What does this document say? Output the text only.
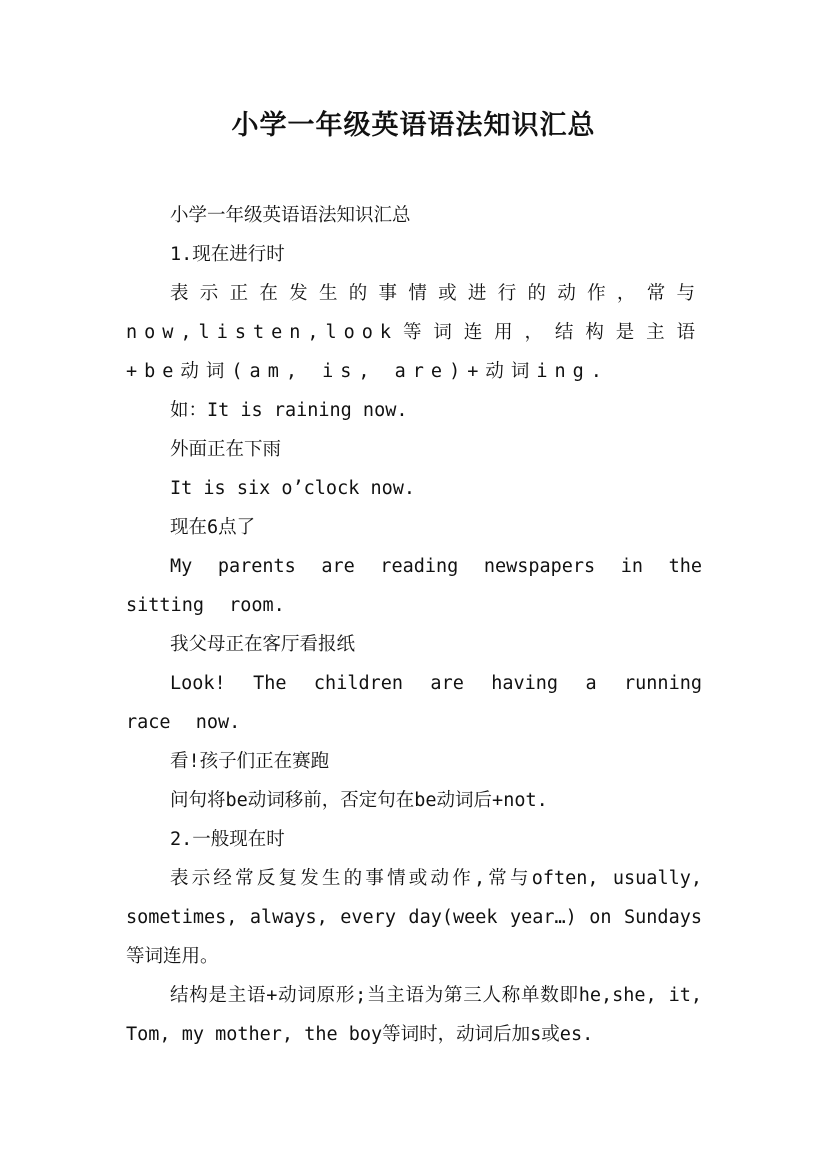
小学一年级英语语法知识汇总

小学一年级英语语法知识汇总

1.现在进行时

表示正在发生的事情或进行的动作，常与now,listen,look等词连用，结构是主语+be动词(am, is, are)+动词ing.

如：It is raining now.

外面正在下雨

It is six o’clock now.

现在6点了

My parents are reading newspapers in the sitting room.

我父母正在客厅看报纸

Look! The children are having a running race now.

看!孩子们正在赛跑

问句将be动词移前，否定句在be动词后+not.

2.一般现在时

表示经常反复发生的事情或动作,常与often, usually, sometimes, always, every day(week year…) on Sundays等词连用。

结构是主语+动词原形;当主语为第三人称单数即he,she, it, Tom, my mother, the boy等词时，动词后加s或es.
